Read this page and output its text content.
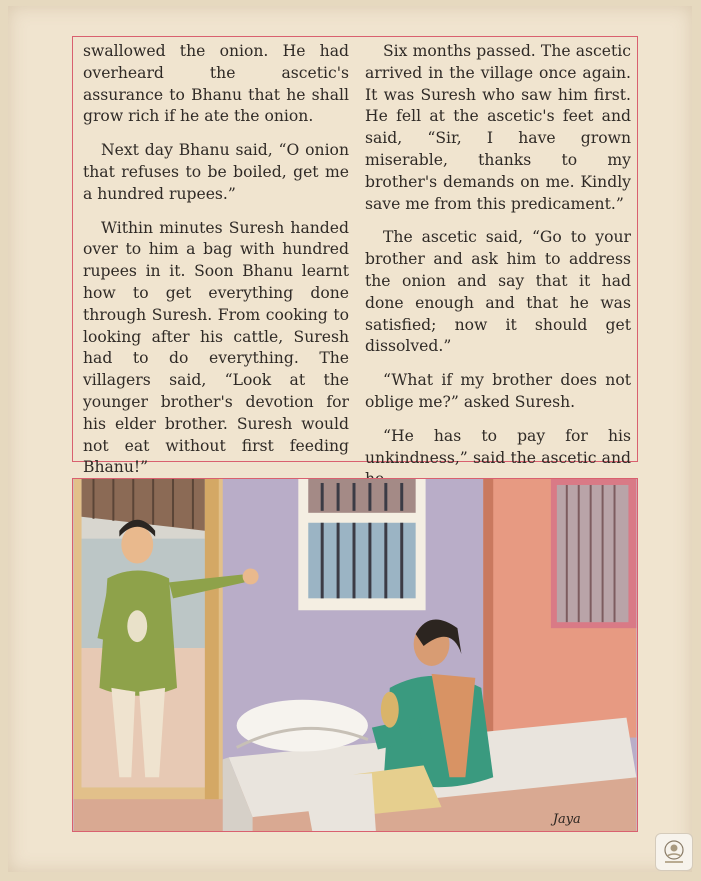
swallowed the onion. He had overheard the ascetic's assurance to Bhanu that he shall grow rich if he ate the onion.

Next day Bhanu said, “O onion that refuses to be boiled, get me a hundred rupees.”

Within minutes Suresh handed over to him a bag with hundred rupees in it. Soon Bhanu learnt how to get everything done through Suresh. From cooking to looking after his cattle, Suresh had to do everything. The villagers said, “Look at the younger brother's devotion for his elder brother. Suresh would not eat without first feeding Bhanu!”

Six months passed. The ascetic arrived in the village once again. It was Suresh who saw him first. He fell at the ascetic's feet and said, “Sir, I have grown miserable, thanks to my brother's demands on me. Kindly save me from this predicament.”

The ascetic said, “Go to your brother and ask him to address the onion and say that it had done enough and that he was satisfied; now it should get dissolved.”

“What if my brother does not oblige me?” asked Suresh.

“He has to pay for his unkindness,” said the ascetic and

Jaya
